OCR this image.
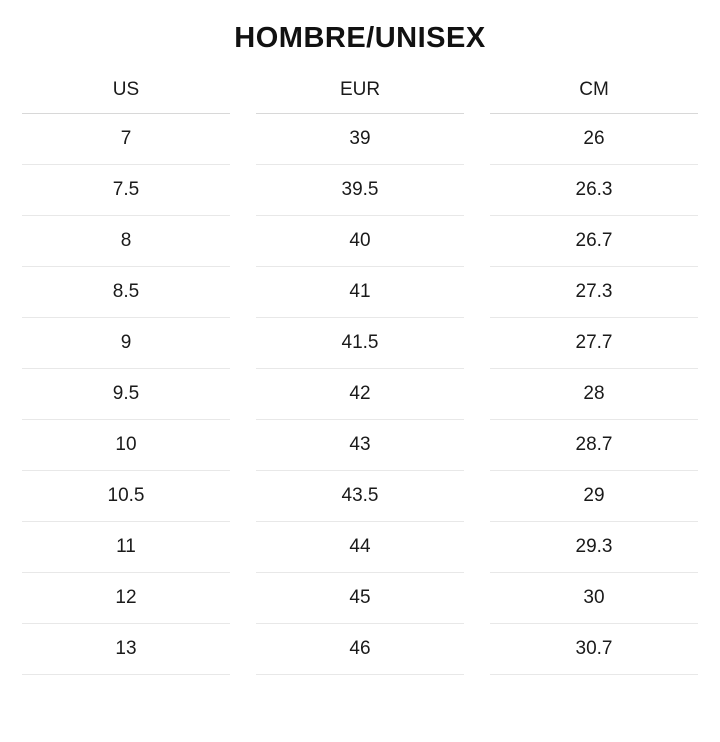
HOMBRE/UNISEX
US		EUR		CM
7		39		26
7.5		39.5		26.3
8		40		26.7
8.5		41		27.3
9		41.5		27.7
9.5		42		28
10		43		28.7
10.5		43.5		29
11		44		29.3
12		45		30
13		46		30.7
